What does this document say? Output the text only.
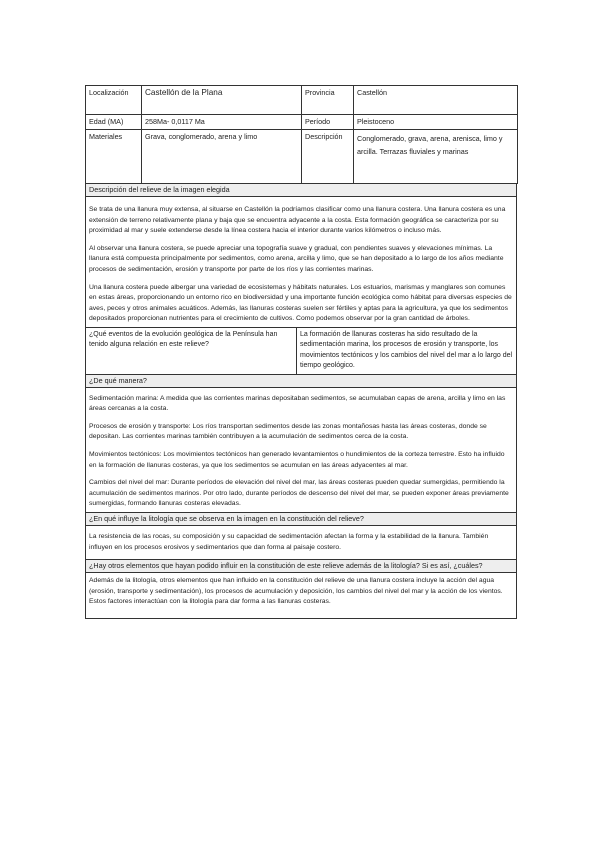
Localización	Castellón de la Plana	Provincia	Castellón
Edad (MA)	258Ma- 0,0117 Ma	Período	Pleistoceno
Materiales	Grava, conglomerado, arena y limo	Descripción	Conglomerado, grava, arena, arenisca, limo y arcilla. Terrazas fluviales y marinas
Descripción del relieve de la imagen elegida

Se trata de una llanura muy extensa, al situarse en Castellón la podríamos clasificar como una llanura costera. Una llanura costera es una extensión de terreno relativamente plana y baja que se encuentra adyacente a la costa. Esta formación geográfica se caracteriza por su proximidad al mar y suele extenderse desde la línea costera hacia el interior durante varios kilómetros o incluso más.

Al observar una llanura costera, se puede apreciar una topografía suave y gradual, con pendientes suaves y elevaciones mínimas. La llanura está compuesta principalmente por sedimentos, como arena, arcilla y limo, que se han depositado a lo largo de los años mediante procesos de sedimentación, erosión y transporte por parte de los ríos y las corrientes marinas.

Una llanura costera puede albergar una variedad de ecosistemas y hábitats naturales. Los estuarios, marismas y manglares son comunes en estas áreas, proporcionando un entorno rico en biodiversidad y una importante función ecológica como hábitat para diversas especies de aves, peces y otros animales acuáticos. Además, las llanuras costeras suelen ser fértiles y aptas para la agricultura, ya que los sedimentos depositados proporcionan nutrientes para el crecimiento de cultivos. Como podemos observar por la gran cantidad de árboles.

¿Qué eventos de la evolución geológica de la Península han tenido alguna relación en este relieve?
La formación de llanuras costeras ha sido resultado de la sedimentación marina, los procesos de erosión y transporte, los movimientos tectónicos y los cambios del nivel del mar a lo largo del tiempo geológico.
¿De qué manera?

Sedimentación marina: A medida que las corrientes marinas depositaban sedimentos, se acumulaban capas de arena, arcilla y limo en las áreas cercanas a la costa.

Procesos de erosión y transporte: Los ríos transportan sedimentos desde las zonas montañosas hasta las áreas costeras, donde se depositan. Las corrientes marinas también contribuyen a la acumulación de sedimentos cerca de la costa.

Movimientos tectónicos: Los movimientos tectónicos han generado levantamientos o hundimientos de la corteza terrestre. Esto ha influido en la formación de llanuras costeras, ya que los sedimentos se acumulan en las áreas adyacentes al mar.

Cambios del nivel del mar: Durante períodos de elevación del nivel del mar, las áreas costeras pueden quedar sumergidas, permitiendo la acumulación de sedimentos marinos. Por otro lado, durante períodos de descenso del nivel del mar, se pueden exponer áreas previamente sumergidas, formando llanuras costeras elevadas.

¿En qué influye la litología que se observa en la imagen en la constitución del relieve?

La resistencia de las rocas, su composición y su capacidad de sedimentación afectan la forma y la estabilidad de la llanura. También influyen en los procesos erosivos y sedimentarios que dan forma al paisaje costero.

¿Hay otros elementos que hayan podido influir en la constitución de este relieve además de la litología? Si es así, ¿cuáles?

Además de la litología, otros elementos que han influido en la constitución del relieve de una llanura costera incluye la acción del agua (erosión, transporte y sedimentación), los procesos de acumulación y deposición, los cambios del nivel del mar y la acción de los vientos. Estos factores interactúan con la litología para dar forma a las llanuras costeras.
